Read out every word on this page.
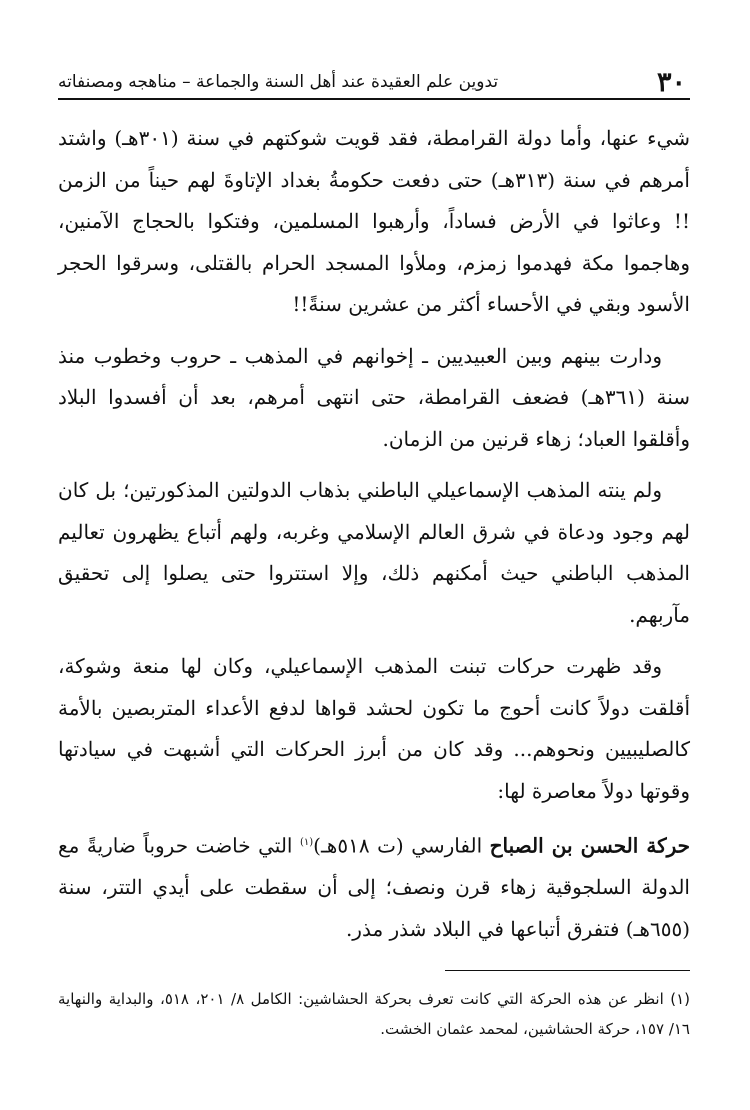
٣٠
تدوين علم العقيدة عند أهل السنة والجماعة – مناهجه ومصنفاته

شيء عنها، وأما دولة القرامطة، فقد قويت شوكتهم في سنة (٣٠١هـ) واشتد أمرهم في سنة (٣١٣هـ) حتى دفعت حكومةُ بغداد الإتاوةَ لهم حيناً من الزمن !! وعاثوا في الأرض فساداً، وأرهبوا المسلمين، وفتكوا بالحجاج الآمنين، وهاجموا مكة فهدموا زمزم، وملأوا المسجد الحرام بالقتلى، وسرقوا الحجر الأسود وبقي في الأحساء أكثر من عشرين سنةً!!

ودارت بينهم وبين العبيديين ـ إخوانهم في المذهب ـ حروب وخطوب منذ سنة (٣٦١هـ) فضعف القرامطة، حتى انتهى أمرهم، بعد أن أفسدوا البلاد وأقلقوا العباد؛ زهاء قرنين من الزمان.

ولم ينته المذهب الإسماعيلي الباطني بذهاب الدولتين المذكورتين؛ بل كان لهم وجود ودعاة في شرق العالم الإسلامي وغربه، ولهم أتباع يظهرون تعاليم المذهب الباطني حيث أمكنهم ذلك، وإلا استتروا حتى يصلوا إلى تحقيق مآربهم.

وقد ظهرت حركات تبنت المذهب الإسماعيلي، وكان لها منعة وشوكة، أقلقت دولاً كانت أحوج ما تكون لحشد قواها لدفع الأعداء المتربصين بالأمة كالصليبيين ونحوهم... وقد كان من أبرز الحركات التي أشبهت في سيادتها وقوتها دولاً معاصرة لها:

حركة الحسن بن الصباح الفارسي (ت ٥١٨هـ)$^{(١)}$ التي خاضت حروباً ضاريةً مع الدولة السلجوقية زهاء قرن ونصف؛ إلى أن سقطت على أيدي التتر، سنة (٦٥٥هـ) فتفرق أتباعها في البلاد شذر مذر.

(١) انظر عن هذه الحركة التي كانت تعرف بحركة الحشاشين: الكامل ٨/ ٢٠١، ٥١٨، والبداية والنهاية ١٦/ ١٥٧، حركة الحشاشين، لمحمد عثمان الخشت.
